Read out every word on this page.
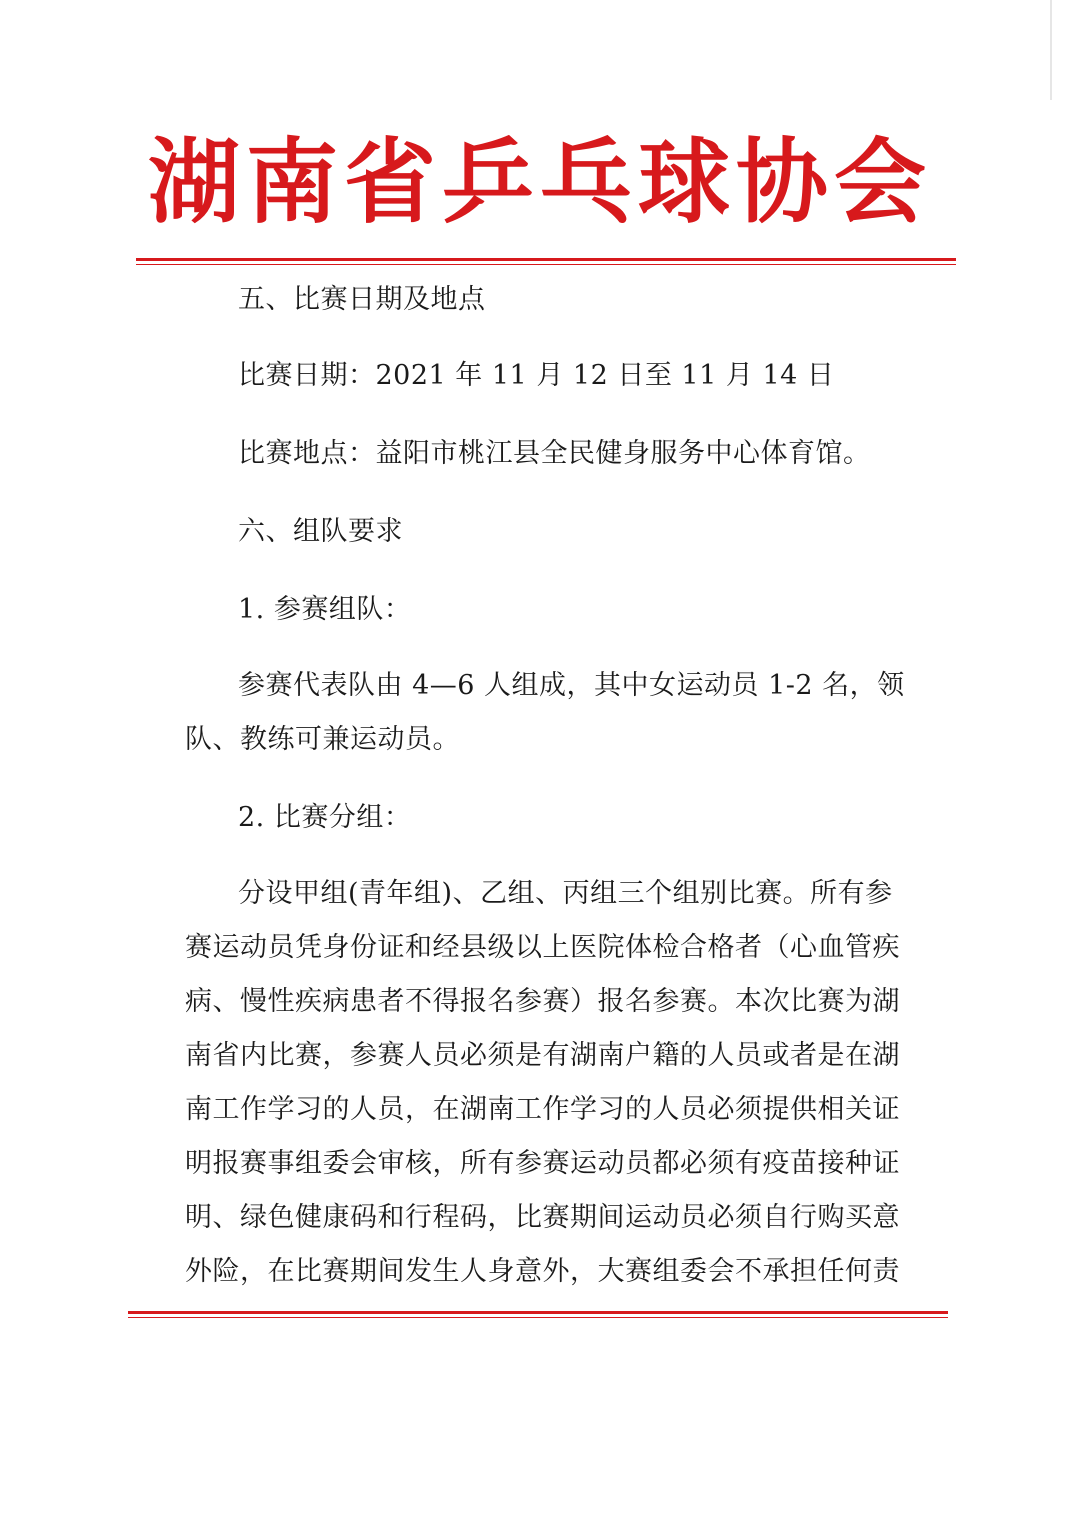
湖南省乒乓球协会
五、比赛日期及地点
比赛日期：2021 年 11 月 12 日至 11 月 14 日
比赛地点：益阳市桃江县全民健身服务中心体育馆。
六、组队要求
1. 参赛组队：
参赛代表队由 4—6 人组成，其中女运动员 1-2 名，领
队、教练可兼运动员。
2. 比赛分组：
分设甲组(青年组)、乙组、丙组三个组别比赛。所有参
赛运动员凭身份证和经县级以上医院体检合格者（心血管疾
病、慢性疾病患者不得报名参赛）报名参赛。本次比赛为湖
南省内比赛，参赛人员必须是有湖南户籍的人员或者是在湖
南工作学习的人员，在湖南工作学习的人员必须提供相关证
明报赛事组委会审核，所有参赛运动员都必须有疫苗接种证
明、绿色健康码和行程码，比赛期间运动员必须自行购买意
外险，在比赛期间发生人身意外，大赛组委会不承担任何责
